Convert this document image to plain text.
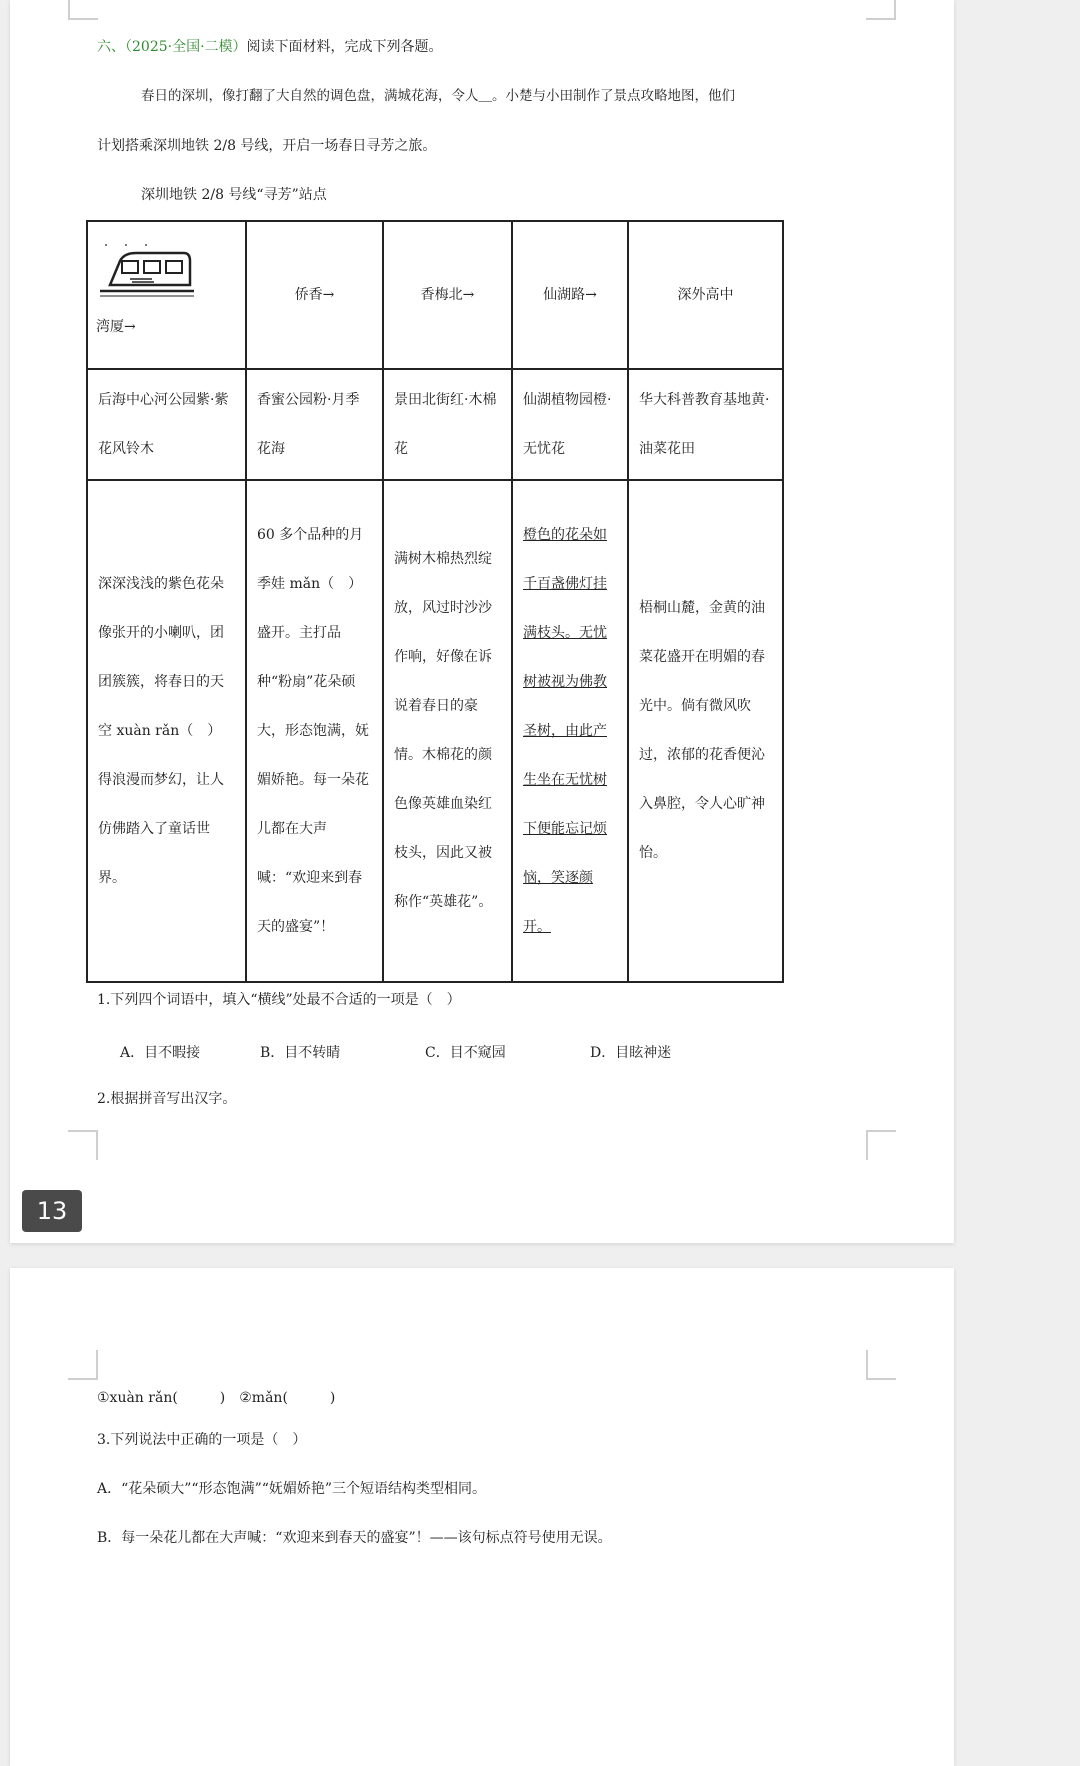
六、（2025·全国·二模）阅读下面材料，完成下列各题。
春日的深圳，像打翻了大自然的调色盘，满城花海，令人＿。小楚与小田制作了景点攻略地图，他们
计划搭乘深圳地铁 2/8 号线，开启一场春日寻芳之旅。
深圳地铁 2/8 号线“寻芳”站点
湾厦→	侨香→	香梅北→	仙湖路→	深外高中
后海中心河公园紫·紫花风铃木	香蜜公园粉·月季花海	景田北街红·木棉花	仙湖植物园橙·无忧花	华大科普教育基地黄·油菜花田
深深浅浅的紫色花朵像张开的小喇叭，团团簇簇，将春日的天空 xuàn rǎn（　）得浪漫而梦幻，让人仿佛踏入了童话世界。	60 多个品种的月季娃 mǎn（　）盛开。主打品种“粉扇”花朵硕大，形态饱满，妩媚娇艳。每一朵花儿都在大声喊：“欢迎来到春天的盛宴”！	满树木棉热烈绽放，风过时沙沙作响，好像在诉说着春日的豪情。木棉花的颜色像英雄血染红枝头，因此又被称作“英雄花”。	橙色的花朵如千百盏佛灯挂满枝头。无忧树被视为佛教圣树，由此产生坐在无忧树下便能忘记烦恼，笑逐颜开。	梧桐山麓，金黄的油菜花盛开在明媚的春光中。倘有微风吹过，浓郁的花香便沁入鼻腔，令人心旷神怡。
1.下列四个词语中，填入“横线”处最不合适的一项是（　）
A．目不暇接	B．目不转睛	C．目不窥园	D．目眩神迷
2.根据拼音写出汉字。
13
①xuàn rǎn(　　　)　②mǎn(　　　)
3.下列说法中正确的一项是（　）
A．“花朵硕大”“形态饱满”“妩媚娇艳”三个短语结构类型相同。
B．每一朵花儿都在大声喊：“欢迎来到春天的盛宴”！——该句标点符号使用无误。
